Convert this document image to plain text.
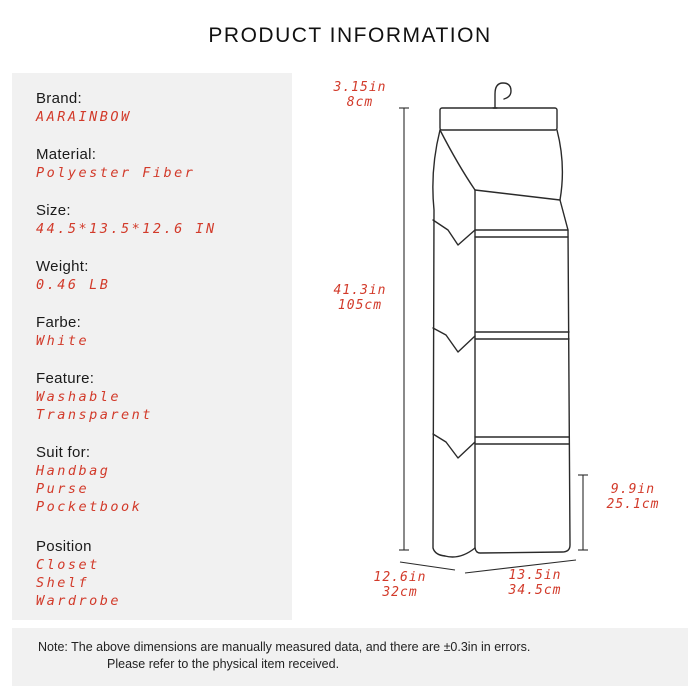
PRODUCT INFORMATION
Brand:
AARAINBOW
Material:
Polyester Fiber
Size:
44.5*13.5*12.6 IN
Weight:
0.46 LB
Farbe:
White
Feature:
Washable
Transparent
Suit for:
Handbag
Purse
Pocketbook
Position
Closet
Shelf
Wardrobe
3.15in
8cm
41.3in
105cm
9.9in
25.1cm
12.6in
32cm
13.5in
34.5cm
Note: The above dimensions are manually measured data, and there are ±0.3in in errors.
Please refer to the physical item received.
